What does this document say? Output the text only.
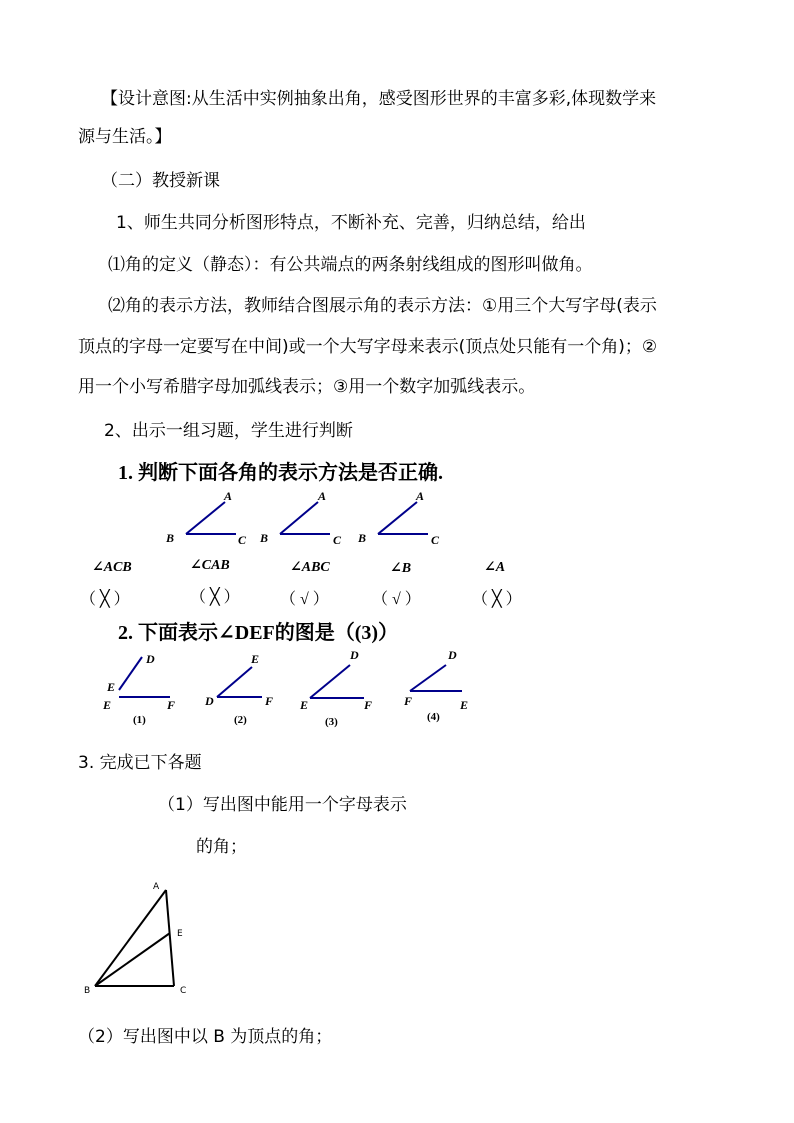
【设计意图:从生活中实例抽象出角，感受图形世界的丰富多彩,体现数学来
源与生活。】
（二）教授新课
1、师生共同分析图形特点，不断补充、完善，归纳总结，给出
⑴角的定义（静态）：有公共端点的两条射线组成的图形叫做角。
⑵角的表示方法，教师结合图展示角的表示方法：①用三个大写字母(表示
顶点的字母一定要写在中间)或一个大写字母来表示(顶点处只能有一个角)；②
用一个小写希腊字母加弧线表示；③用一个数字加弧线表示。
2、出示一组习题，学生进行判断
1. 判断下面各角的表示方法是否正确.
A
B	C
A
B	C
A
B	C
∠ACB	∠CAB	∠ABC	∠B	∠A
（ ╳ ）	（ ╳ ）	（ √ ）	（ √ ）	（ ╳ ）
2. 下面表示∠DEF的图是（(3)）
D
E
E	F
(1)
E
D	F
(2)
D
E	F
(3)
D
F	E
(4)
3. 完成已下各题
（1）写出图中能用一个字母表示
的角；
A
E
B	C
（2）写出图中以 B 为顶点的角；
